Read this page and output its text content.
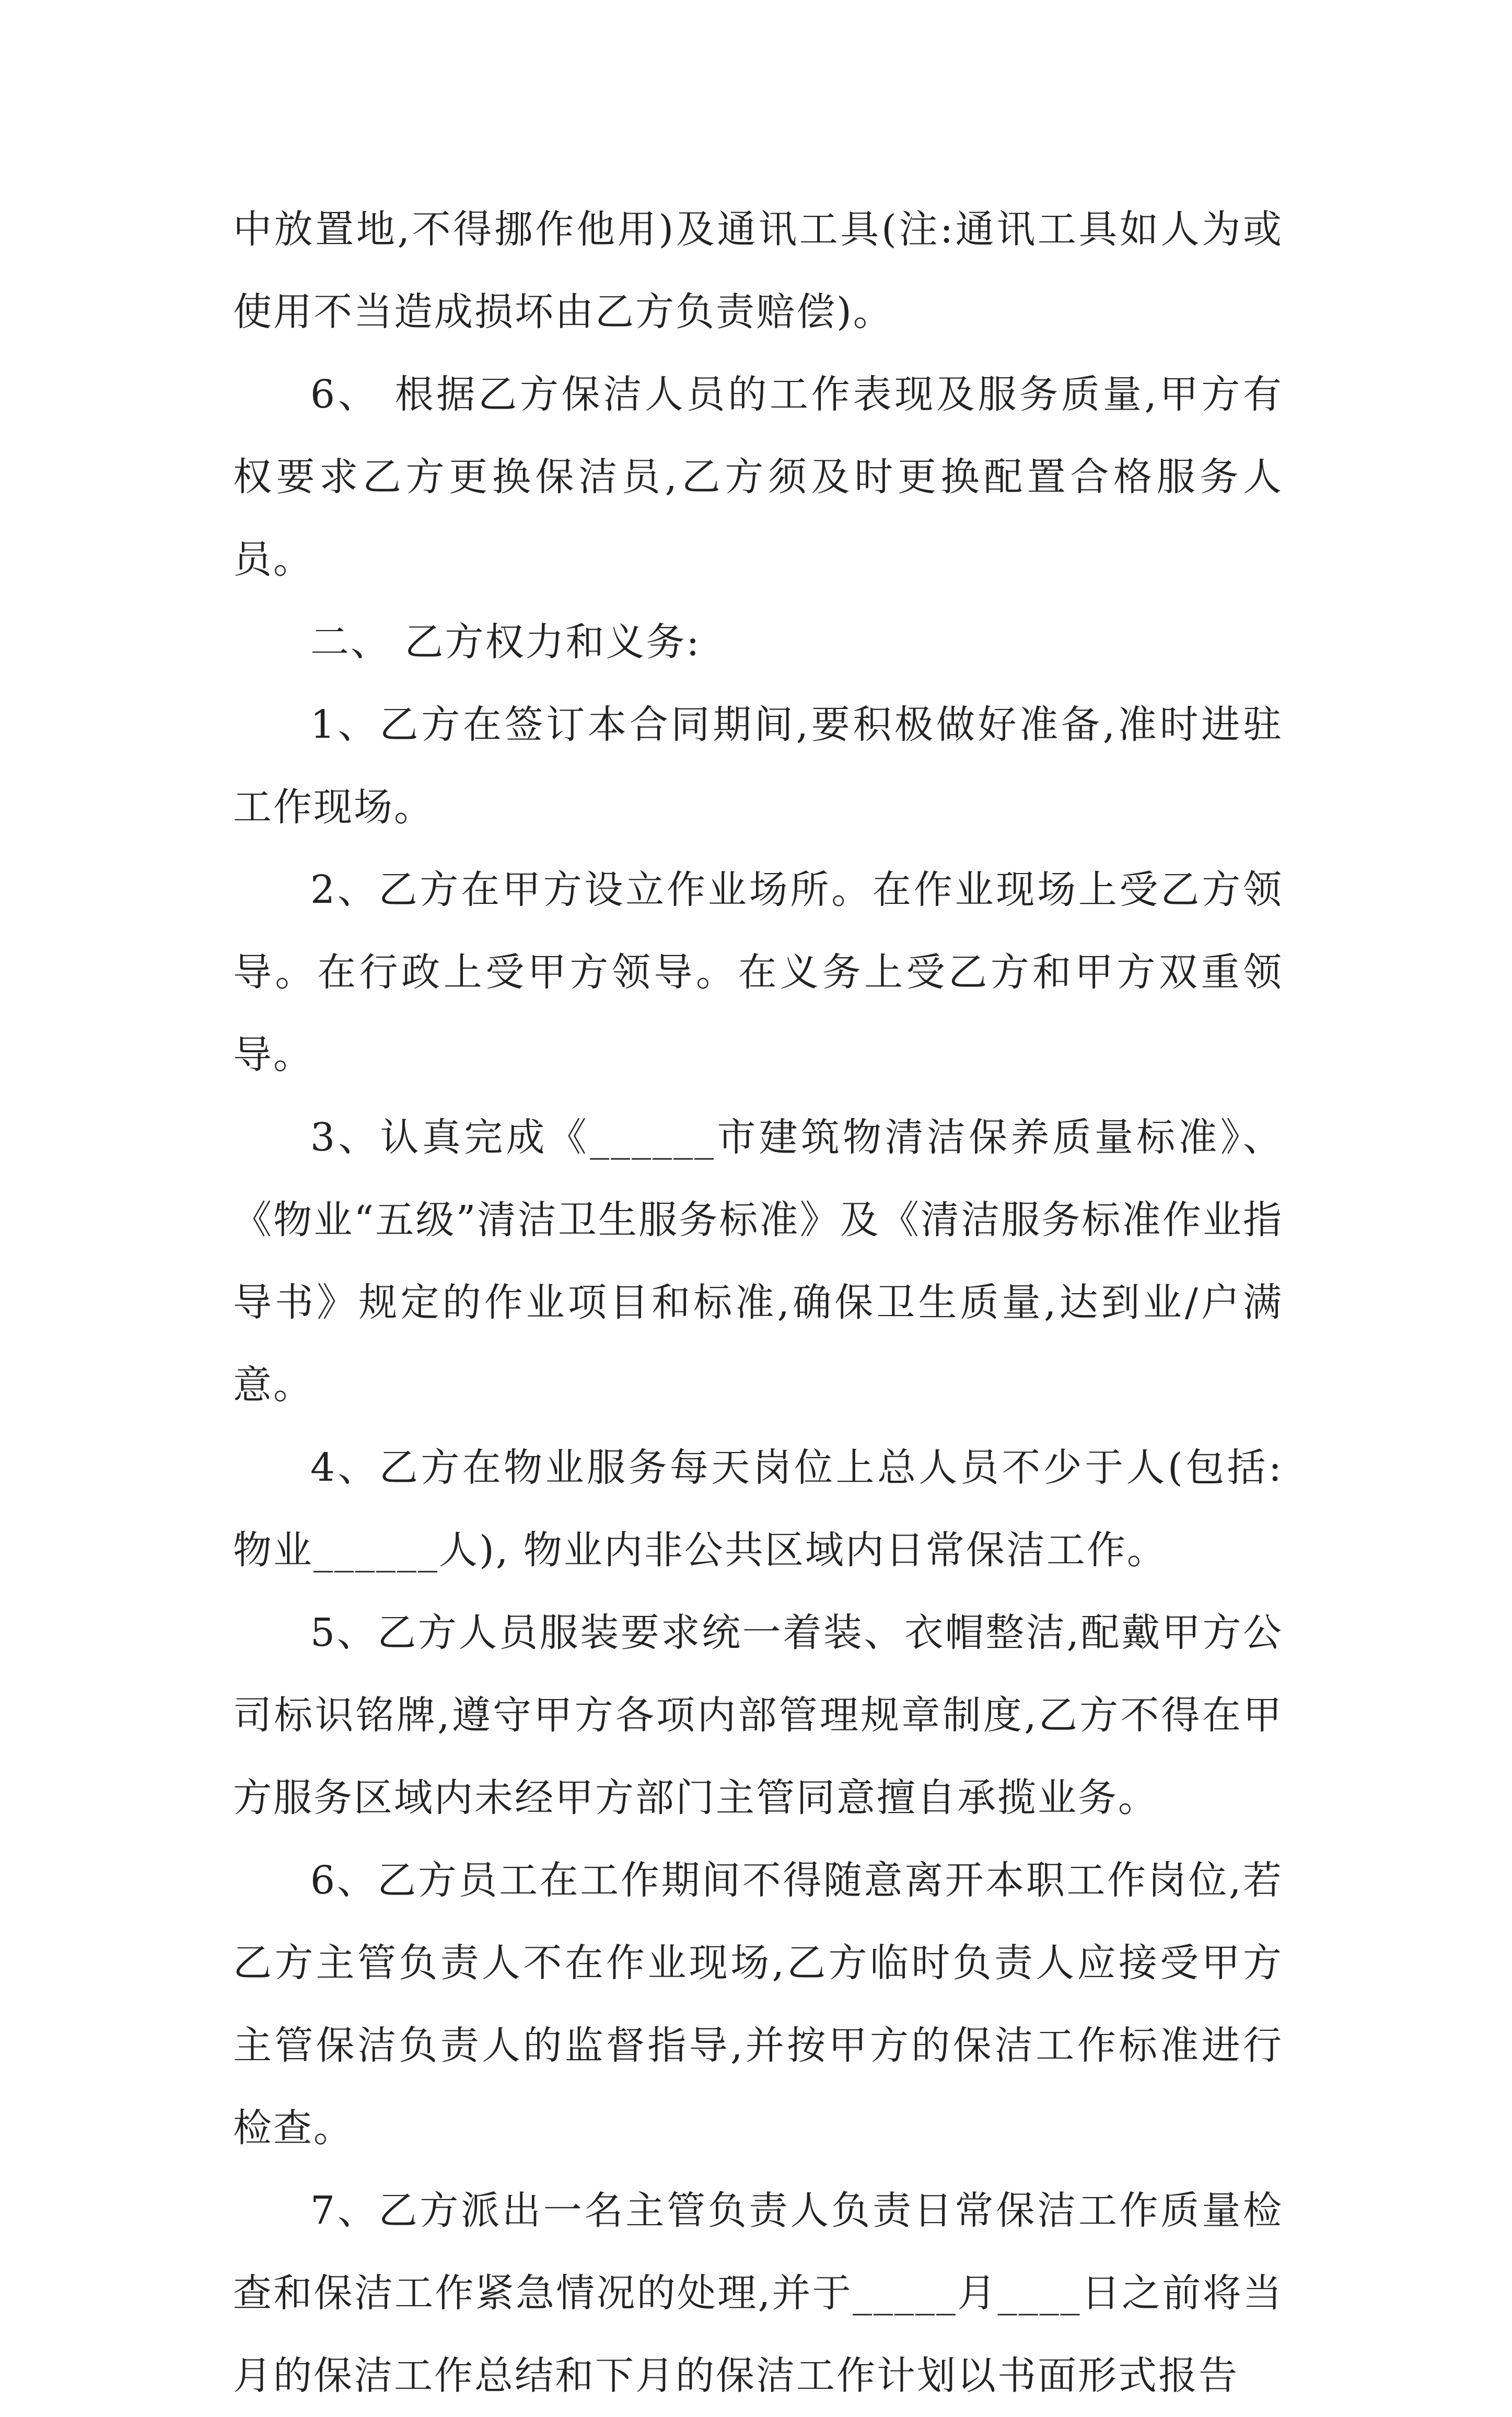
中放置地,不得挪作他用)及通讯工具(注:通讯工具如人为或使用不当造成损坏由乙方负责赔偿)。

6、 根据乙方保洁人员的工作表现及服务质量,甲方有权要求乙方更换保洁员,乙方须及时更换配置合格服务人员。

二、 乙方权力和义务:

1、乙方在签订本合同期间,要积极做好准备,准时进驻工作现场。

2、乙方在甲方设立作业场所。在作业现场上受乙方领导。在行政上受甲方领导。在义务上受乙方和甲方双重领导。

3、认真完成《______市建筑物清洁保养质量标准》、《物业“五级”清洁卫生服务标准》及《清洁服务标准作业指导书》规定的作业项目和标准,确保卫生质量,达到业/户满意。

4、乙方在物业服务每天岗位上总人员不少于人(包括:物业______人), 物业内非公共区域内日常保洁工作。

5、乙方人员服装要求统一着装、衣帽整洁,配戴甲方公司标识铭牌,遵守甲方各项内部管理规章制度,乙方不得在甲方服务区域内未经甲方部门主管同意擅自承揽业务。

6、乙方员工在工作期间不得随意离开本职工作岗位,若乙方主管负责人不在作业现场,乙方临时负责人应接受甲方主管保洁负责人的监督指导,并按甲方的保洁工作标准进行检查。

7、乙方派出一名主管负责人负责日常保洁工作质量检查和保洁工作紧急情况的处理,并于_____月____日之前将当月的保洁工作总结和下月的保洁工作计划以书面形式报告
